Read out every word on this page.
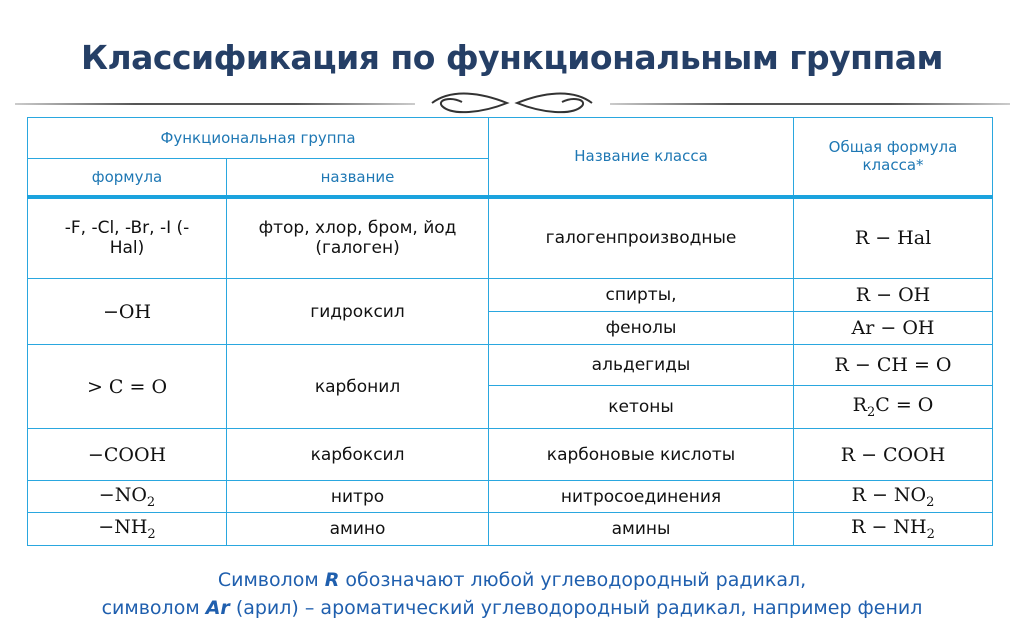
Классификация по функциональным группам
Функциональная группа		Название класса	Общая формула класса*
формула	название		
-F, -Cl, -Br, -I (-Hal)	фтор, хлор, бром, йод (галоген)	галогенпроизводные	R − Hal
−OH	гидроксил	спирты,	R − OH
		фенолы	Ar − OH
> C = O	карбонил	альдегиды	R − CH = O
		кетоны	$R_2C = O$
−COOH	карбоксил	карбоновые кислоты	R − COOH
$-NO_2$	нитро	нитросоединения	$R - NO_2$
$-NH_2$	амино	амины	$R - NH_2$
Символом R обозначают любой углеводородный радикал,
символом Ar (арил) – ароматический углеводородный радикал, например фенил
